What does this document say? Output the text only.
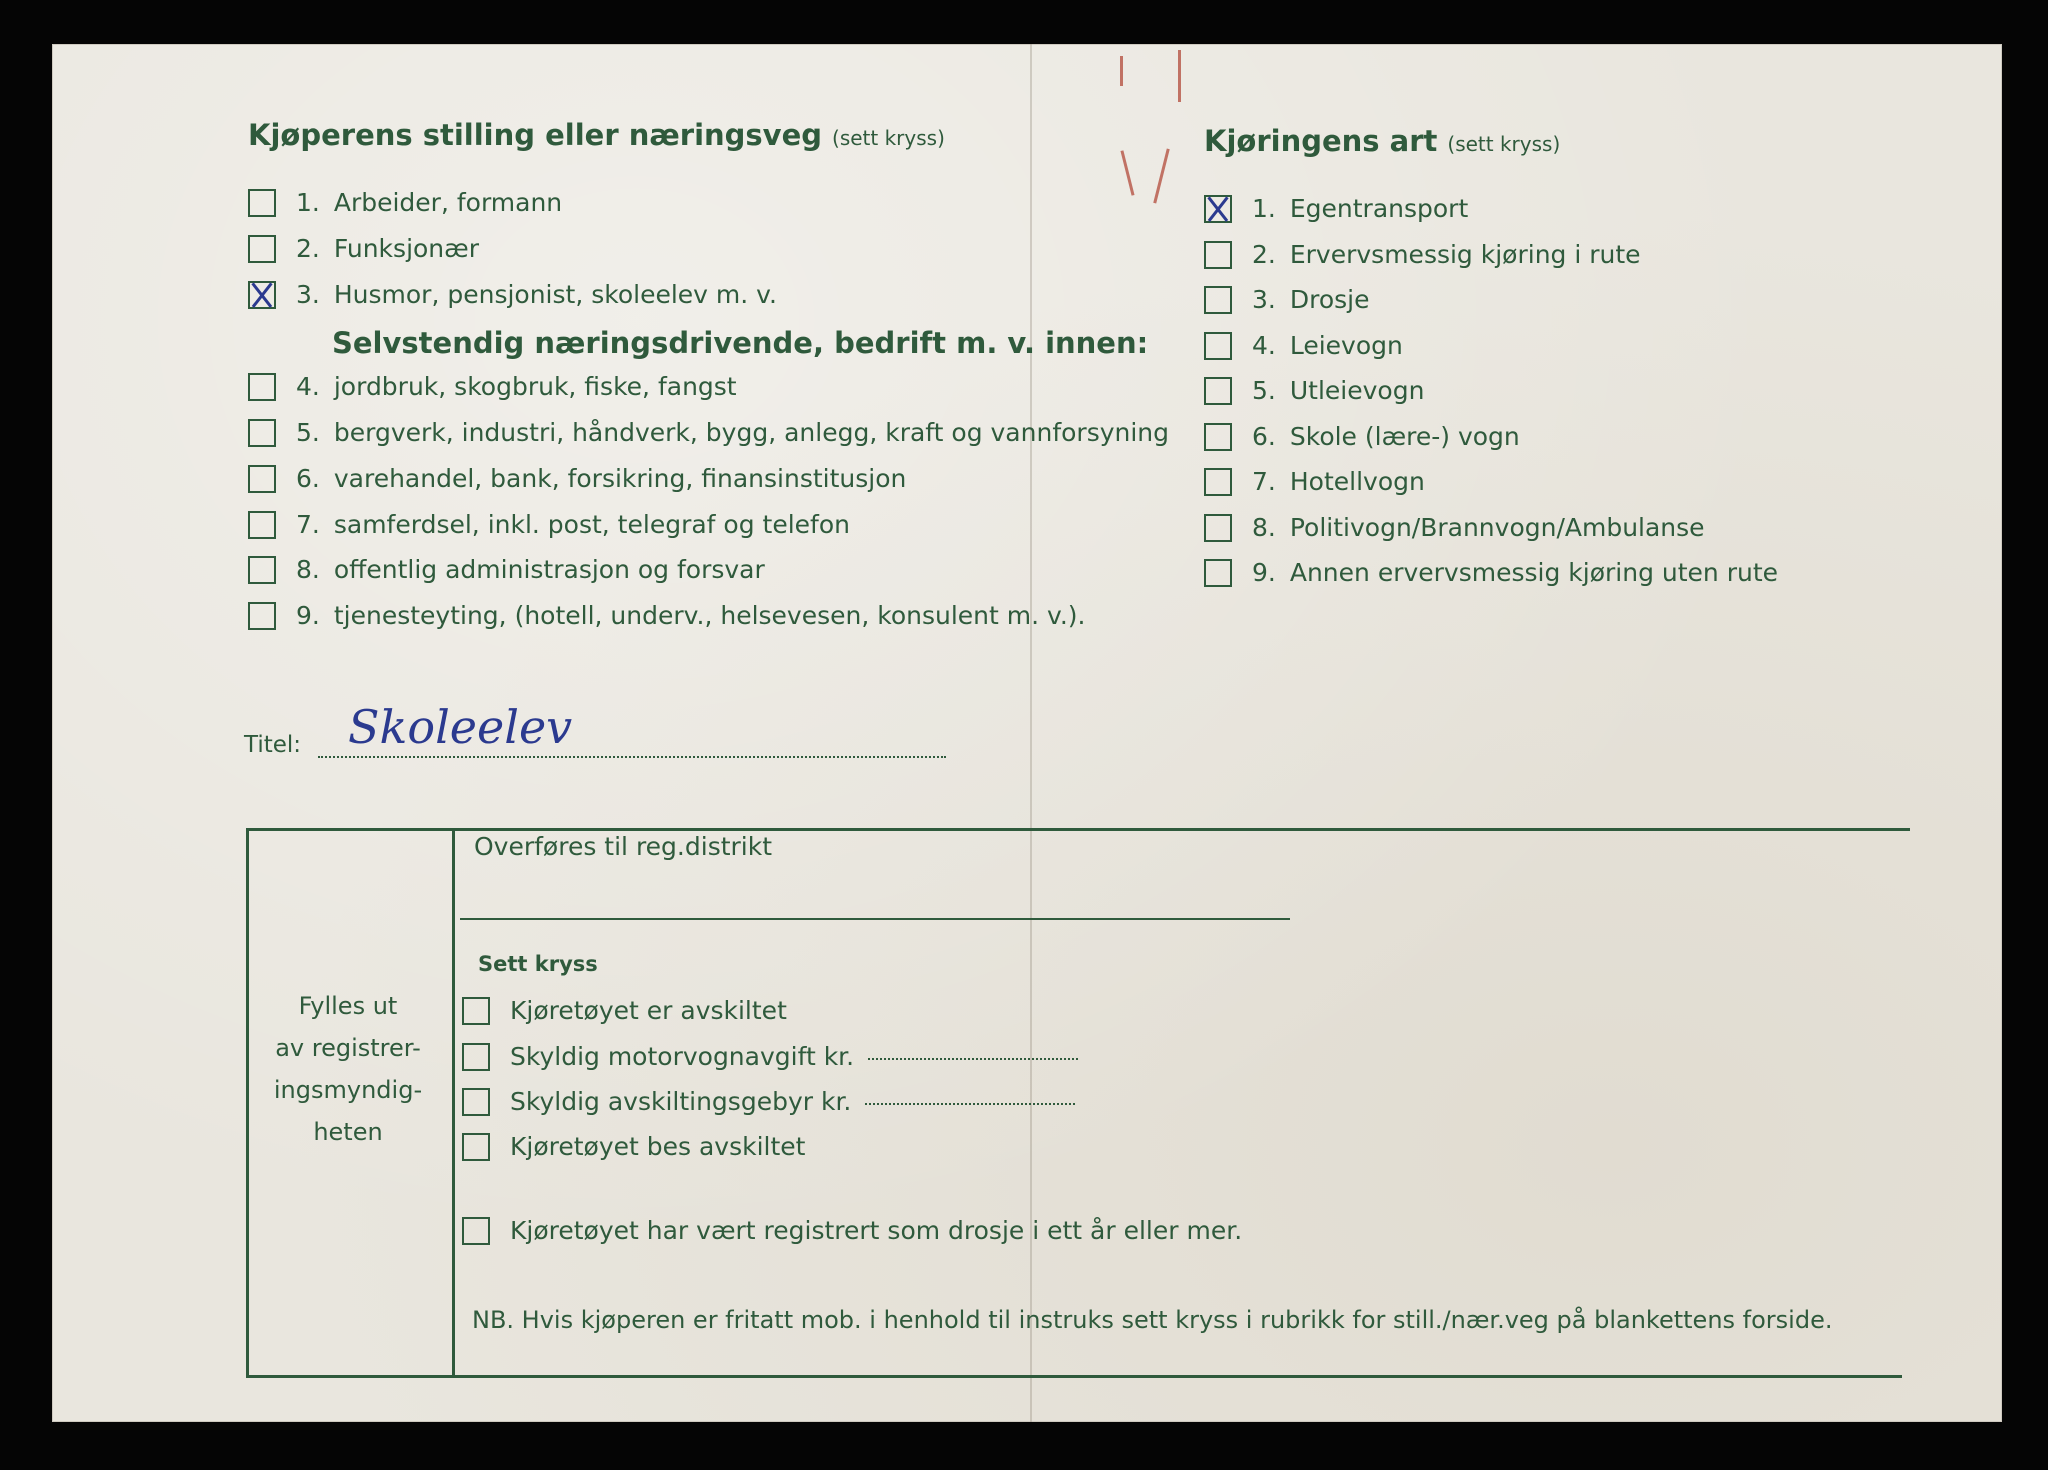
Kjøperens stilling eller næringsveg (sett kryss)
1. Arbeider, formann
2. Funksjonær
3. Husmor, pensjonist, skoleelev m. v.
Selvstendig næringsdrivende, bedrift m. v. innen:
4. jordbruk, skogbruk, fiske, fangst
5. bergverk, industri, håndverk, bygg, anlegg, kraft og vannforsyning
6. varehandel, bank, forsikring, finansinstitusjon
7. samferdsel, inkl. post, telegraf og telefon
8. offentlig administrasjon og forsvar
9. tjenesteyting, (hotell, underv., helsevesen, konsulent m. v.).
Kjøringens art (sett kryss)
1. Egentransport
2. Ervervsmessig kjøring i rute
3. Drosje
4. Leievogn
5. Utleievogn
6. Skole (lære-) vogn
7. Hotellvogn
8. Politivogn/Brannvogn/Ambulanse
9. Annen ervervsmessig kjøring uten rute
Titel: Skoleelev
Fylles ut
av registrer-
ingsmyndig-
heten
Overføres til reg.distrikt
Sett kryss
Kjøretøyet er avskiltet
Skyldig motorvognavgift kr.
Skyldig avskiltingsgebyr kr.
Kjøretøyet bes avskiltet
Kjøretøyet har vært registrert som drosje i ett år eller mer.
NB. Hvis kjøperen er fritatt mob. i henhold til instruks sett kryss i rubrikk for still./nær.veg på blankettens forside.
